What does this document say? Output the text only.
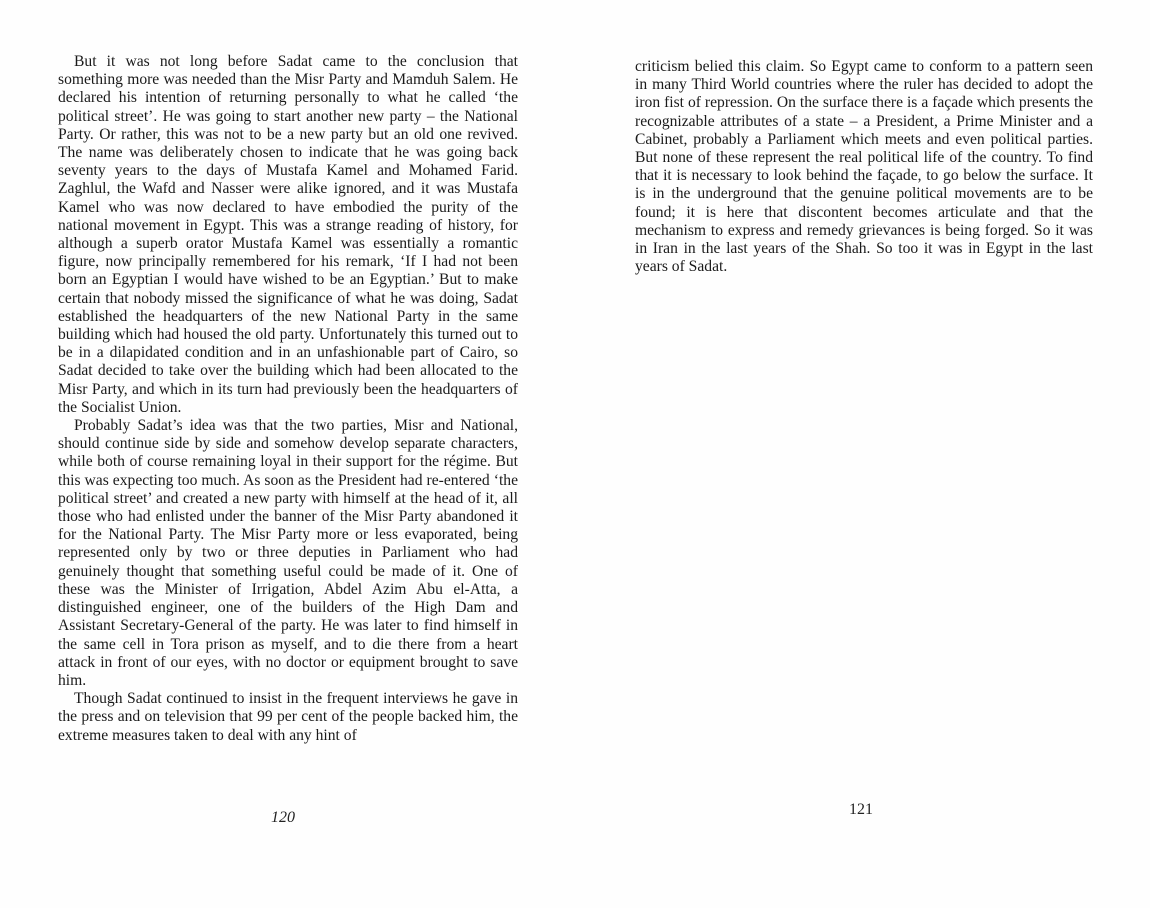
But it was not long before Sadat came to the conclusion that something more was needed than the Misr Party and Mamduh Salem. He declared his intention of returning personally to what he called ‘the political street’. He was going to start another new party – the National Party. Or rather, this was not to be a new party but an old one revived. The name was deliberately chosen to indicate that he was going back seventy years to the days of Mustafa Kamel and Mohamed Farid. Zaghlul, the Wafd and Nasser were alike ignored, and it was Mustafa Kamel who was now declared to have embodied the purity of the national movement in Egypt. This was a strange reading of history, for although a superb orator Mustafa Kamel was essentially a romantic figure, now principally remembered for his remark, ‘If I had not been born an Egyptian I would have wished to be an Egyptian.’ But to make certain that nobody missed the significance of what he was doing, Sadat established the headquarters of the new National Party in the same building which had housed the old party. Unfortunately this turned out to be in a dilapidated condition and in an unfashionable part of Cairo, so Sadat decided to take over the building which had been allocated to the Misr Party, and which in its turn had previously been the headquarters of the Socialist Union.

Probably Sadat’s idea was that the two parties, Misr and National, should continue side by side and somehow develop separate characters, while both of course remaining loyal in their support for the régime. But this was expecting too much. As soon as the President had re-entered ‘the political street’ and created a new party with himself at the head of it, all those who had enlisted under the banner of the Misr Party abandoned it for the National Party. The Misr Party more or less evaporated, being represented only by two or three deputies in Parliament who had genuinely thought that something useful could be made of it. One of these was the Minister of Irrigation, Abdel Azim Abu el-Atta, a distinguished engineer, one of the builders of the High Dam and Assistant Secretary-General of the party. He was later to find himself in the same cell in Tora prison as myself, and to die there from a heart attack in front of our eyes, with no doctor or equipment brought to save him.

Though Sadat continued to insist in the frequent interviews he gave in the press and on television that 99 per cent of the people backed him, the extreme measures taken to deal with any hint of

120

criticism belied this claim. So Egypt came to conform to a pattern seen in many Third World countries where the ruler has decided to adopt the iron fist of repression. On the surface there is a façade which presents the recognizable attributes of a state – a President, a Prime Minister and a Cabinet, probably a Parliament which meets and even political parties. But none of these represent the real political life of the country. To find that it is necessary to look behind the façade, to go below the surface. It is in the underground that the genuine political movements are to be found; it is here that discontent becomes articulate and that the mechanism to express and remedy grievances is being forged. So it was in Iran in the last years of the Shah. So too it was in Egypt in the last years of Sadat.

121
